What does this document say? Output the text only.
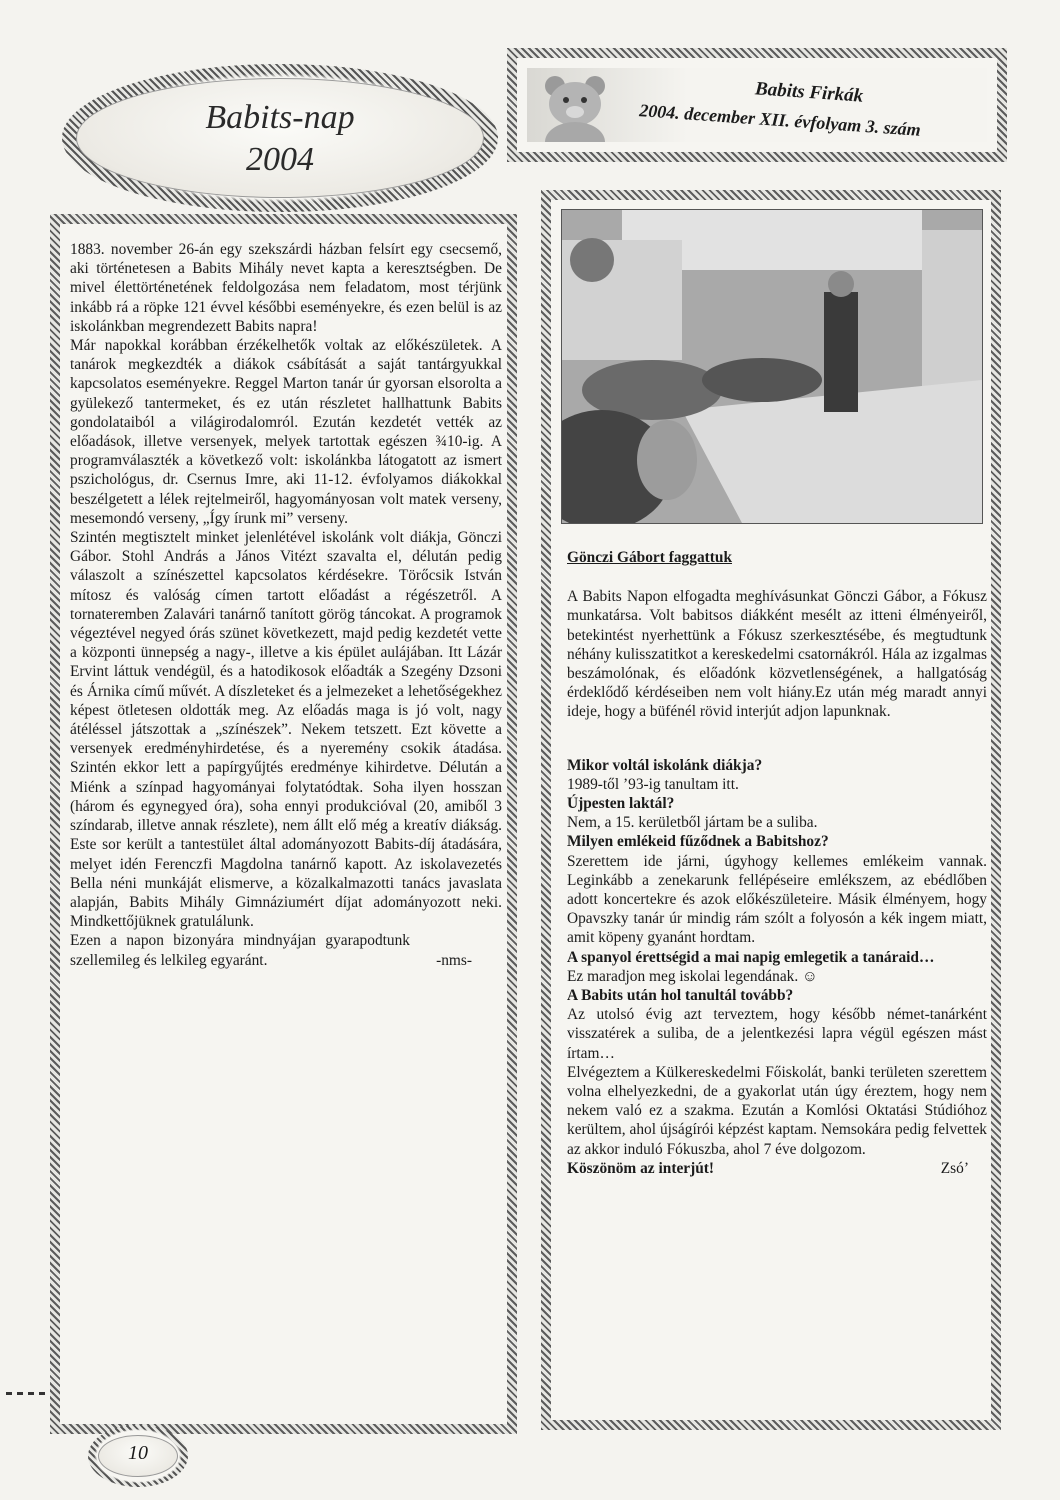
Babits-nap
2004
Babits Firkák
2004. december XII. évfolyam 3. szám

1883. november 26-án egy szekszárdi házban felsírt egy csecsemő, aki történetesen a Babits Mihály nevet kapta a keresztségben. De mivel élettörténetének feldolgozása nem feladatom, most térjünk inkább rá a röpke 121 évvel későbbi eseményekre, és ezen belül is az iskolánkban megrendezett Babits napra!

Már napokkal korábban érzékelhetők voltak az előkészületek. A tanárok megkezdték a diákok csábítását a saját tantárgyukkal kapcsolatos eseményekre. Reggel Marton tanár úr gyorsan elsorolta a gyülekező tantermeket, és ez után részletet hallhattunk Babits gondolataiból a világirodalomról. Ezután kezdetét vették az előadások, illetve versenyek, melyek tartottak egészen ¾10-ig. A programválaszték a következő volt: iskolánkba látogatott az ismert pszichológus, dr. Csernus Imre, aki 11-12. évfolyamos diákokkal beszélgetett a lélek rejtelmeiről, hagyományosan volt matek verseny, mesemondó verseny, „Így írunk mi” verseny.

Szintén megtisztelt minket jelenlétével iskolánk volt diákja, Gönczi Gábor. Stohl András a János Vitézt szavalta el, délután pedig válaszolt a színészettel kapcsolatos kérdésekre. Törőcsik István mítosz és valóság címen tartott előadást a régészetről. A tornateremben Zalavári tanárnő tanított görög táncokat. A programok végeztével negyed órás szünet következett, majd pedig kezdetét vette a központi ünnepség a nagy-, illetve a kis épület aulájában. Itt Lázár Ervint láttuk vendégül, és a hatodikosok előadták a Szegény Dzsoni és Árnika című művét. A díszleteket és a jelmezeket a lehetőségekhez képest ötletesen oldották meg. Az előadás maga is jó volt, nagy átéléssel játszottak a „színészek”. Nekem tetszett. Ezt követte a versenyek eredményhirdetése, és a nyeremény csokik átadása. Szintén ekkor lett a papírgyűjtés eredménye kihirdetve. Délután a Miénk a színpad hagyományai folytatódtak. Soha ilyen hosszan (három és egynegyed óra), soha ennyi produkcióval (20, amiből 3 színdarab, illetve annak részlete), nem állt elő még a kreatív diákság. Este sor került a tantestület által adományozott Babits-díj átadására, melyet idén Ferenczfi Magdolna tanárnő kapott. Az iskolavezetés Bella néni munkáját elismerve, a közalkalmazotti tanács javaslata alapján, Babits Mihály Gimnáziumért díjat adományozott neki. Mindkettőjüknek gratulálunk.

Ezen a napon bizonyára mindnyájan gyarapodtunk szellemileg és lelkileg egyaránt.	-nms-

Gönczi Gábort faggattuk

A Babits Napon elfogadta meghívásunkat Gönczi Gábor, a Fókusz munkatársa. Volt babitsos diákként mesélt az itteni élményeiről, betekintést nyerhettünk a Fókusz szerkesztésébe, és megtudtunk néhány kulisszatitkot a kereskedelmi csatornákról. Hála az izgalmas beszámolónak, és előadónk közvetlenségének, a hallgatóság érdeklődő kérdéseiben nem volt hiány.Ez után még maradt annyi ideje, hogy a büfénél rövid interjút adjon lapunknak.

Mikor voltál iskolánk diákja?

1989-től ’93-ig tanultam itt.

Újpesten laktál?

Nem, a 15. kerületből jártam be a suliba.

Milyen emlékeid fűződnek a Babitshoz?

Szerettem ide járni, úgyhogy kellemes emlékeim vannak. Leginkább a zenekarunk fellépéseire emlékszem, az ebédlőben adott koncertekre és azok előkészületeire. Másik élményem, hogy Opavszky tanár úr mindig rám szólt a folyosón a kék ingem miatt, amit köpeny gyanánt hordtam.

A spanyol érettségid a mai napig emlegetik a tanáraid…

Ez maradjon meg iskolai legendának. ☺

A Babits után hol tanultál tovább?

Az utolsó évig azt terveztem, hogy később német-tanárként visszatérek a suliba, de a jelentkezési lapra végül egészen mást írtam…

Elvégeztem a Külkereskedelmi Főiskolát, banki területen szerettem volna elhelyezkedni, de a gyakorlat után úgy éreztem, hogy nem nekem való ez a szakma. Ezután a Komlósi Oktatási Stúdióhoz kerültem, ahol újságírói képzést kaptam. Nemsokára pedig felvettek az akkor induló Fókuszba, ahol 7 éve dolgozom.

Köszönöm az interjút!	Zsó’

10
